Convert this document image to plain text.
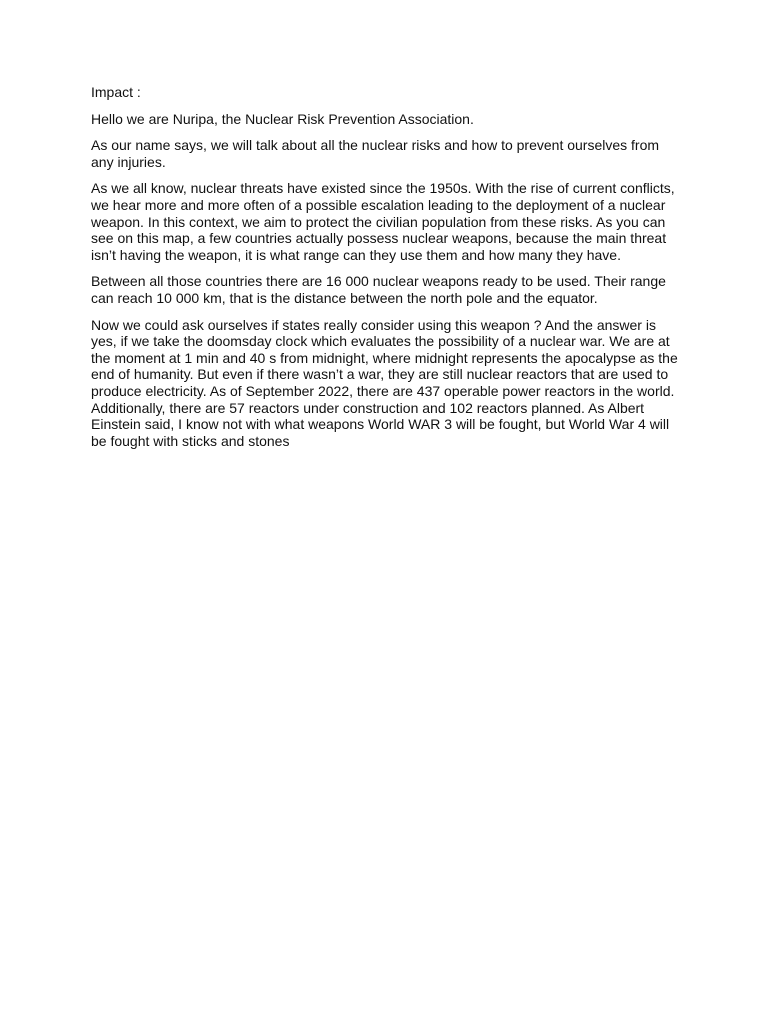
Impact :

Hello we are Nuripa, the Nuclear Risk Prevention Association.

As our name says, we will talk about all the nuclear risks and how to prevent ourselves from any injuries.

As we all know, nuclear threats have existed since the 1950s. With the rise of current conflicts, we hear more and more often of a possible escalation leading to the deployment of a nuclear weapon. In this context, we aim to protect the civilian population from these risks. As you can see on this map, a few countries actually possess nuclear weapons, because the main threat isn’t having the weapon, it is what range can they use them and how many they have.

Between all those countries there are 16 000 nuclear weapons ready to be used. Their range can reach 10 000 km, that is the distance between the north pole and the equator.

Now we could ask ourselves if states really consider using this weapon ? And the answer is yes, if we take the doomsday clock which evaluates the possibility of a nuclear war. We are at the moment at 1 min and 40 s from midnight, where midnight represents the apocalypse as the end of humanity. But even if there wasn’t a war, they are still nuclear reactors that are used to produce electricity. As of September 2022, there are 437 operable power reactors in the world. Additionally, there are 57 reactors under construction and 102 reactors planned. As Albert Einstein said, I know not with what weapons World WAR 3 will be fought, but World War 4 will be fought with sticks and stones
